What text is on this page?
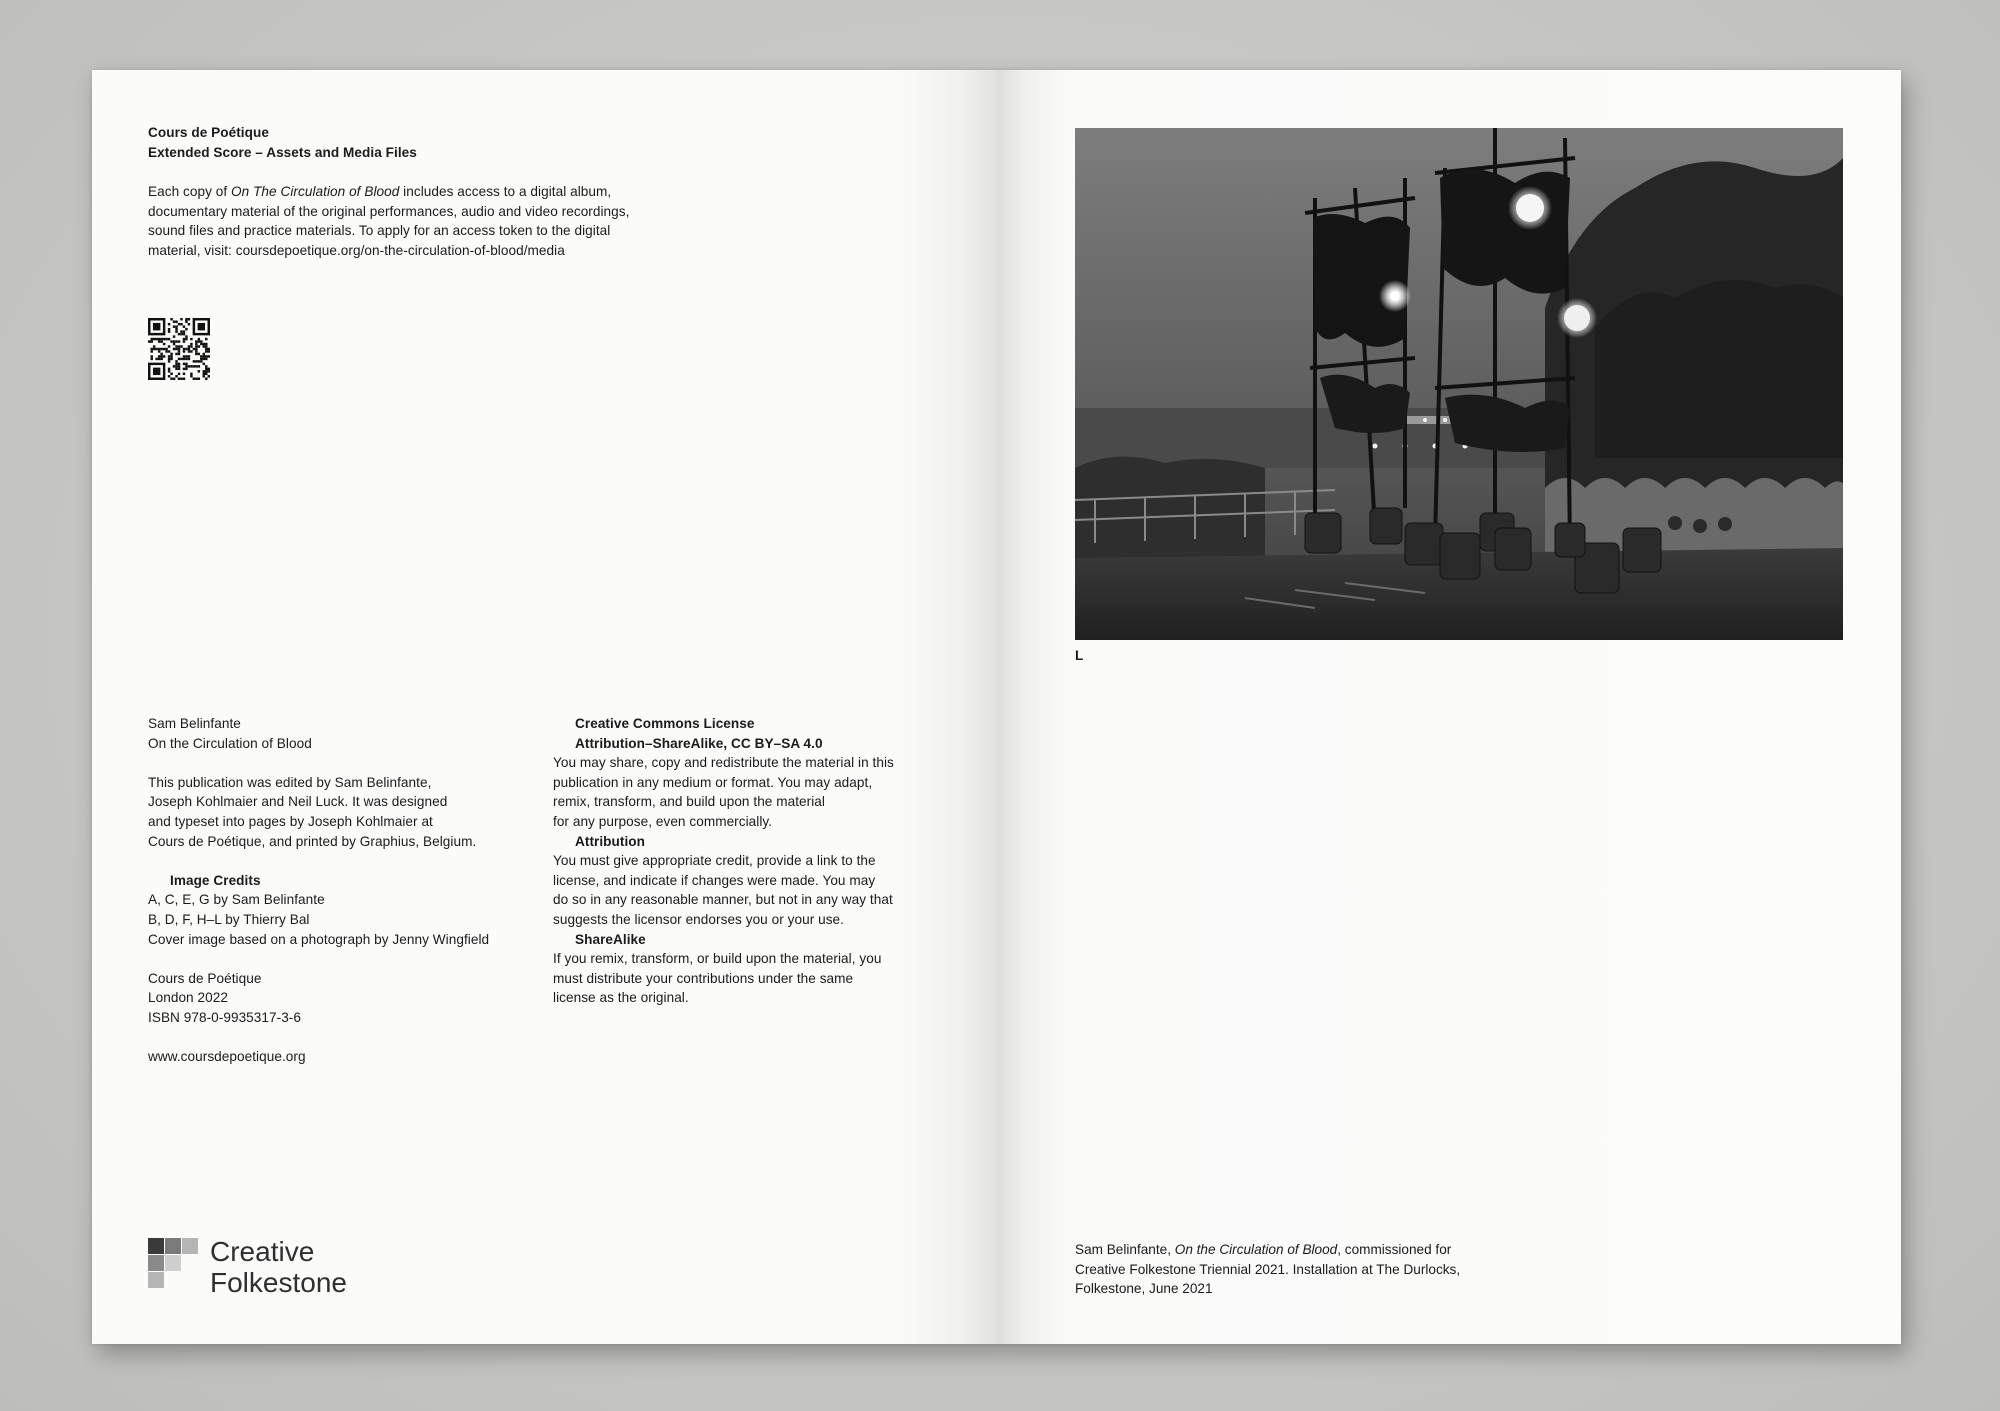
Cours de Poétique
Extended Score – Assets and Media Files
Each copy of On The Circulation of Blood includes access to a digital album,
documentary material of the original performances, audio and video recordings,
sound files and practice materials. To apply for an access token to the digital
material, visit: coursdepoetique.org/on-the-circulation-of-blood/media
Sam Belinfante
On the Circulation of Blood
This publication was edited by Sam Belinfante,
Joseph Kohlmaier and Neil Luck. It was designed
and typeset into pages by Joseph Kohlmaier at
Cours de Poétique, and printed by Graphius, Belgium.
Image Credits
A, C, E, G by Sam Belinfante
B, D, F, H–L by Thierry Bal
Cover image based on a photograph by Jenny Wingfield
Cours de Poétique
London 2022
ISBN 978-0-9935317-3-6
www.coursdepoetique.org
Creative Commons License
Attribution–ShareAlike, CC BY–SA 4.0
You may share, copy and redistribute the material in this
publication in any medium or format. You may adapt,
remix, transform, and build upon the material
for any purpose, even commercially.
Attribution
You must give appropriate credit, provide a link to the
license, and indicate if changes were made. You may
do so in any reasonable manner, but not in any way that
suggests the licensor endorses you or your use.
ShareAlike
If you remix, transform, or build upon the material, you
must distribute your contributions under the same
license as the original.
Creative
Folkestone
L
Sam Belinfante, On the Circulation of Blood, commissioned for
Creative Folkestone Triennial 2021. Installation at The Durlocks,
Folkestone, June 2021
